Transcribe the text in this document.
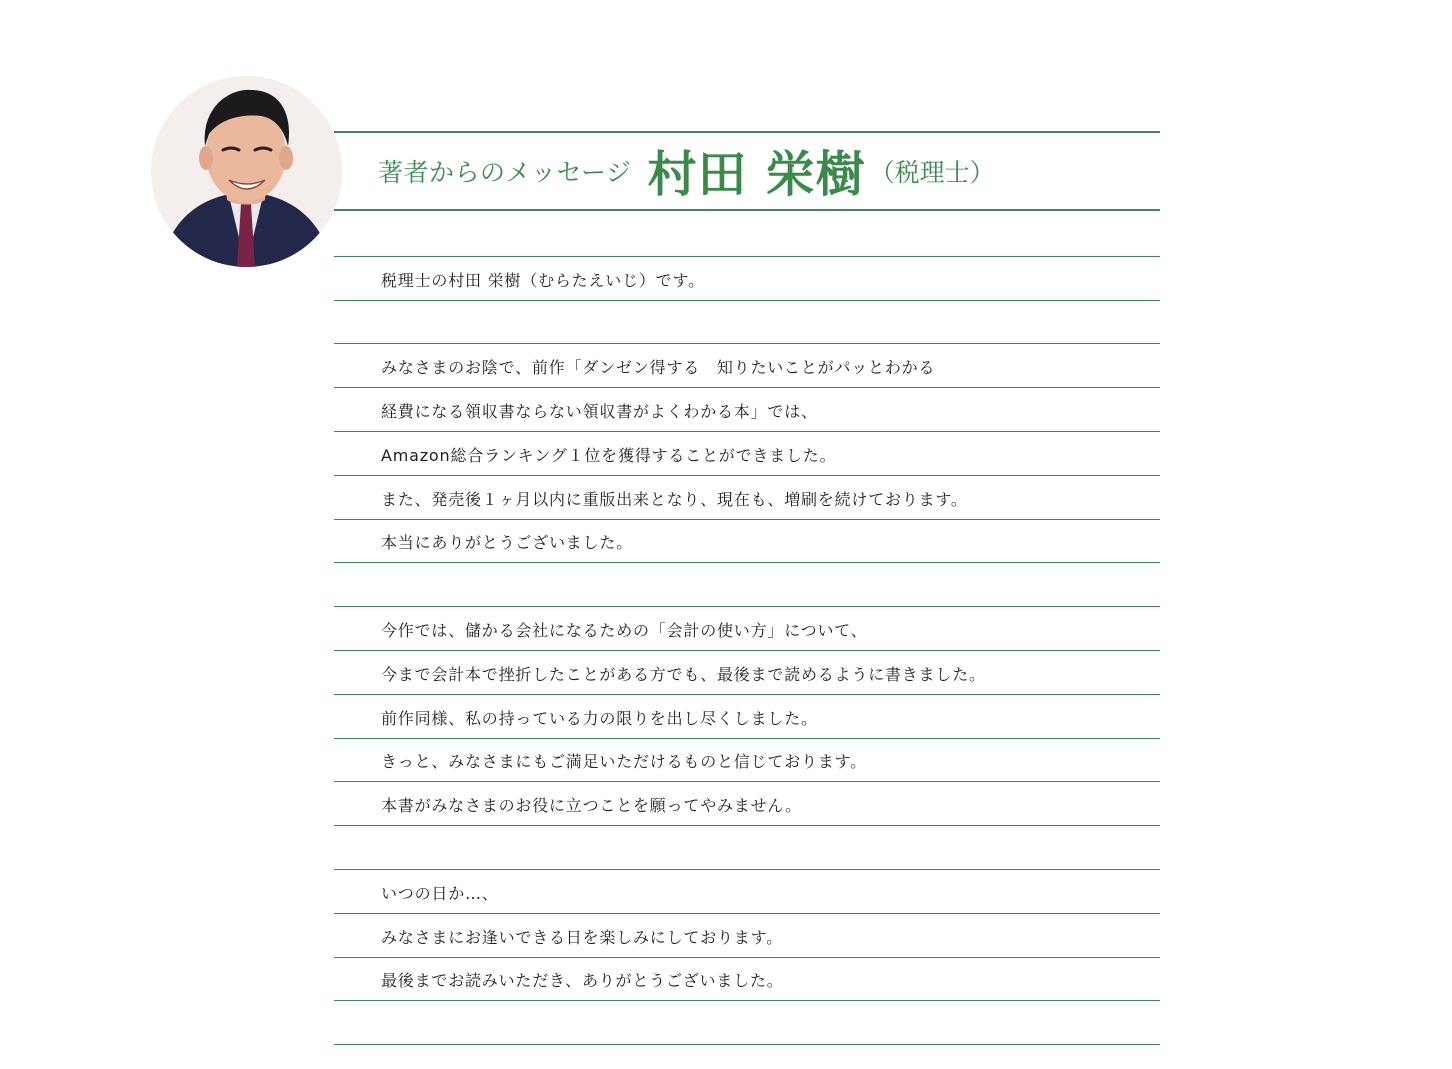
著者からのメッセージ 村田 栄樹 （税理士）
税理士の村田 栄樹（むらたえいじ）です。
みなさまのお陰で、前作「ダンゼン得する　知りたいことがパッとわかる
経費になる領収書ならない領収書がよくわかる本」では、
Amazon総合ランキング１位を獲得することができました。
また、発売後１ヶ月以内に重版出来となり、現在も、増刷を続けております。
本当にありがとうございました。
今作では、儲かる会社になるための「会計の使い方」について、
今まで会計本で挫折したことがある方でも、最後まで読めるように書きました。
前作同様、私の持っている力の限りを出し尽くしました。
きっと、みなさまにもご満足いただけるものと信じております。
本書がみなさまのお役に立つことを願ってやみません。
いつの日か…、
みなさまにお逢いできる日を楽しみにしております。
最後までお読みいただき、ありがとうございました。
